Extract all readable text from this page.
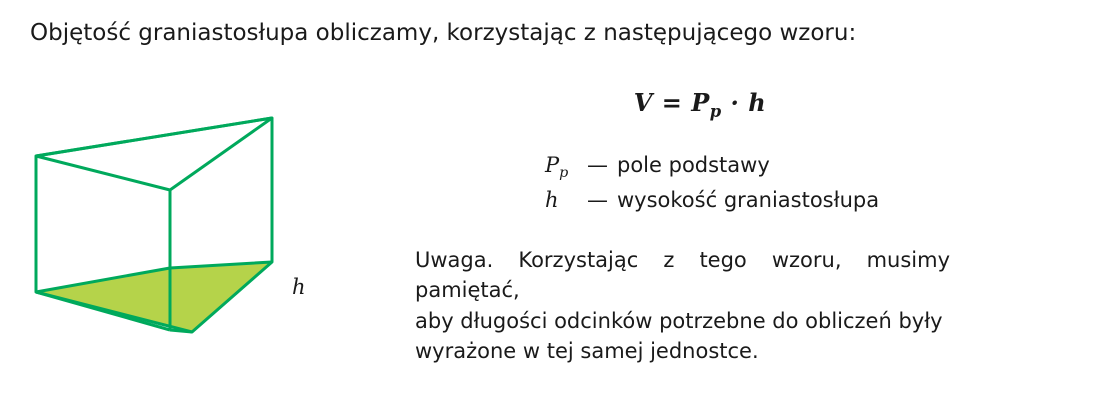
Objętość graniastosłupa obliczamy, korzystając z następującego wzoru:
h
$V = P_p \cdot h$
$P_p$ — pole podstawy
h	— wysokość graniastosłupa
Uwaga. Korzystając z tego wzoru, musimy pamiętać,
aby długości odcinków potrzebne do obliczeń były
wyrażone w tej samej jednostce.
